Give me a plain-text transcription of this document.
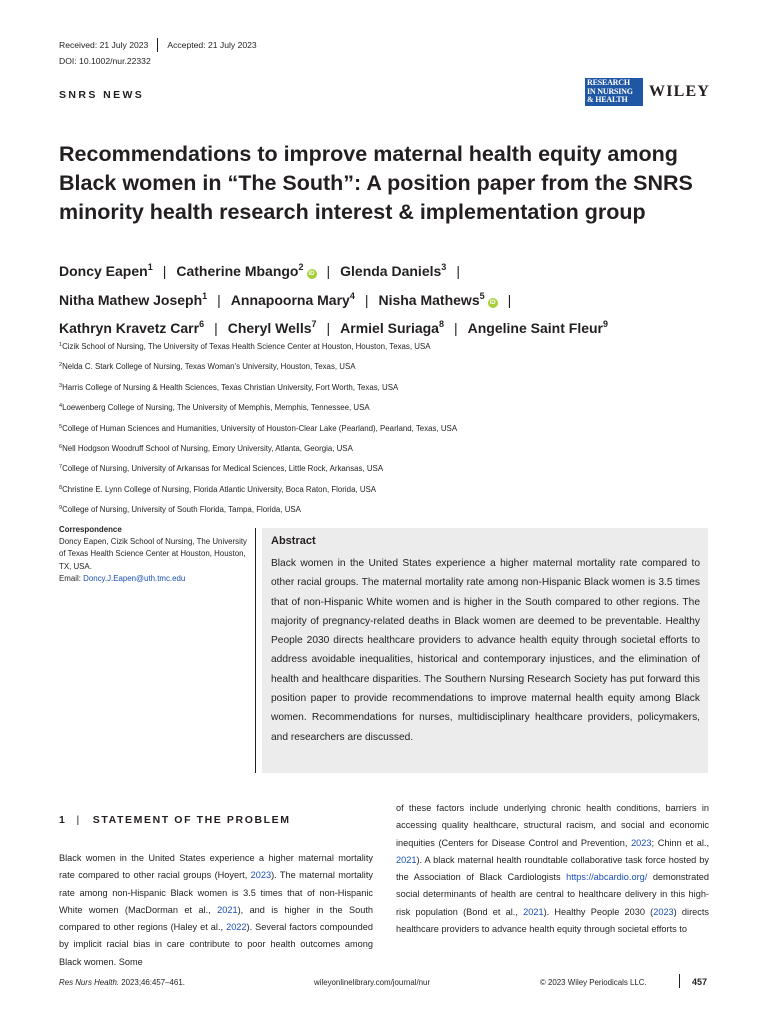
Received: 21 July 2023 Accepted: 21 July 2023
DOI: 10.1002/nur.22332
SNRS NEWS
RESEARCH
IN NURSING
& HEALTH	WILEY
Recommendations to improve maternal health equity among Black women in “The South”: A position paper from the SNRS minority health research interest & implementation group
Doncy Eapen$^1$ | Catherine Mbango$^2$iD | Glenda Daniels$^3$ |
Nitha Mathew Joseph$^1$ | Annapoorna Mary$^4$ | Nisha Mathews$^5$iD |
Kathryn Kravetz Carr$^6$ | Cheryl Wells$^7$ | Armiel Suriaga$^8$ | Angeline Saint Fleur$^9$
$^1$Cizik School of Nursing, The University of Texas Health Science Center at Houston, Houston, Texas, USA
$^2$Nelda C. Stark College of Nursing, Texas Woman's University, Houston, Texas, USA
$^3$Harris College of Nursing & Health Sciences, Texas Christian University, Fort Worth, Texas, USA
$^4$Loewenberg College of Nursing, The University of Memphis, Memphis, Tennessee, USA
$^5$College of Human Sciences and Humanities, University of Houston-Clear Lake (Pearland), Pearland, Texas, USA
$^6$Nell Hodgson Woodruff School of Nursing, Emory University, Atlanta, Georgia, USA
$^7$College of Nursing, University of Arkansas for Medical Sciences, Little Rock, Arkansas, USA
$^8$Christine E. Lynn College of Nursing, Florida Atlantic University, Boca Raton, Florida, USA
$^9$College of Nursing, University of South Florida, Tampa, Florida, USA
Correspondence
Doncy Eapen, Cizik School of Nursing, The University of Texas Health Science Center at Houston, Houston, TX, USA.
Email: Doncy.J.Eapen@uth.tmc.edu
Abstract
Black women in the United States experience a higher maternal mortality rate compared to other racial groups. The maternal mortality rate among non-Hispanic Black women is 3.5 times that of non-Hispanic White women and is higher in the South compared to other regions. The majority of pregnancy-related deaths in Black women are deemed to be preventable. Healthy People 2030 directs healthcare providers to advance health equity through societal efforts to address avoidable inequalities, historical and contemporary injustices, and the elimination of health and healthcare disparities. The Southern Nursing Research Society has put forward this position paper to provide recommendations to improve maternal health equity among Black women. Recommendations for nurses, multidisciplinary healthcare providers, policymakers, and researchers are discussed.
1 | STATEMENT OF THE PROBLEM
Black women in the United States experience a higher maternal mortality rate compared to other racial groups (Hoyert, 2023). The maternal mortality rate among non-Hispanic Black women is 3.5 times that of non-Hispanic White women (MacDorman et al., 2021), and is higher in the South compared to other regions (Haley et al., 2022). Several factors compounded by implicit racial bias in care contribute to poor health outcomes among Black women. Some
of these factors include underlying chronic health conditions, barriers in accessing quality healthcare, structural racism, and social and economic inequities (Centers for Disease Control and Prevention, 2023; Chinn et al., 2021). A black maternal health roundtable collaborative task force hosted by the Association of Black Cardiologists https://abcardio.org/ demonstrated social determinants of health are central to healthcare delivery in this high-risk population (Bond et al., 2021). Healthy People 2030 (2023) directs healthcare providers to advance health equity through societal efforts to
Res Nurs Health. 2023;46:457–461.	wileyonlinelibrary.com/journal/nur	© 2023 Wiley Periodicals LLC.	457
